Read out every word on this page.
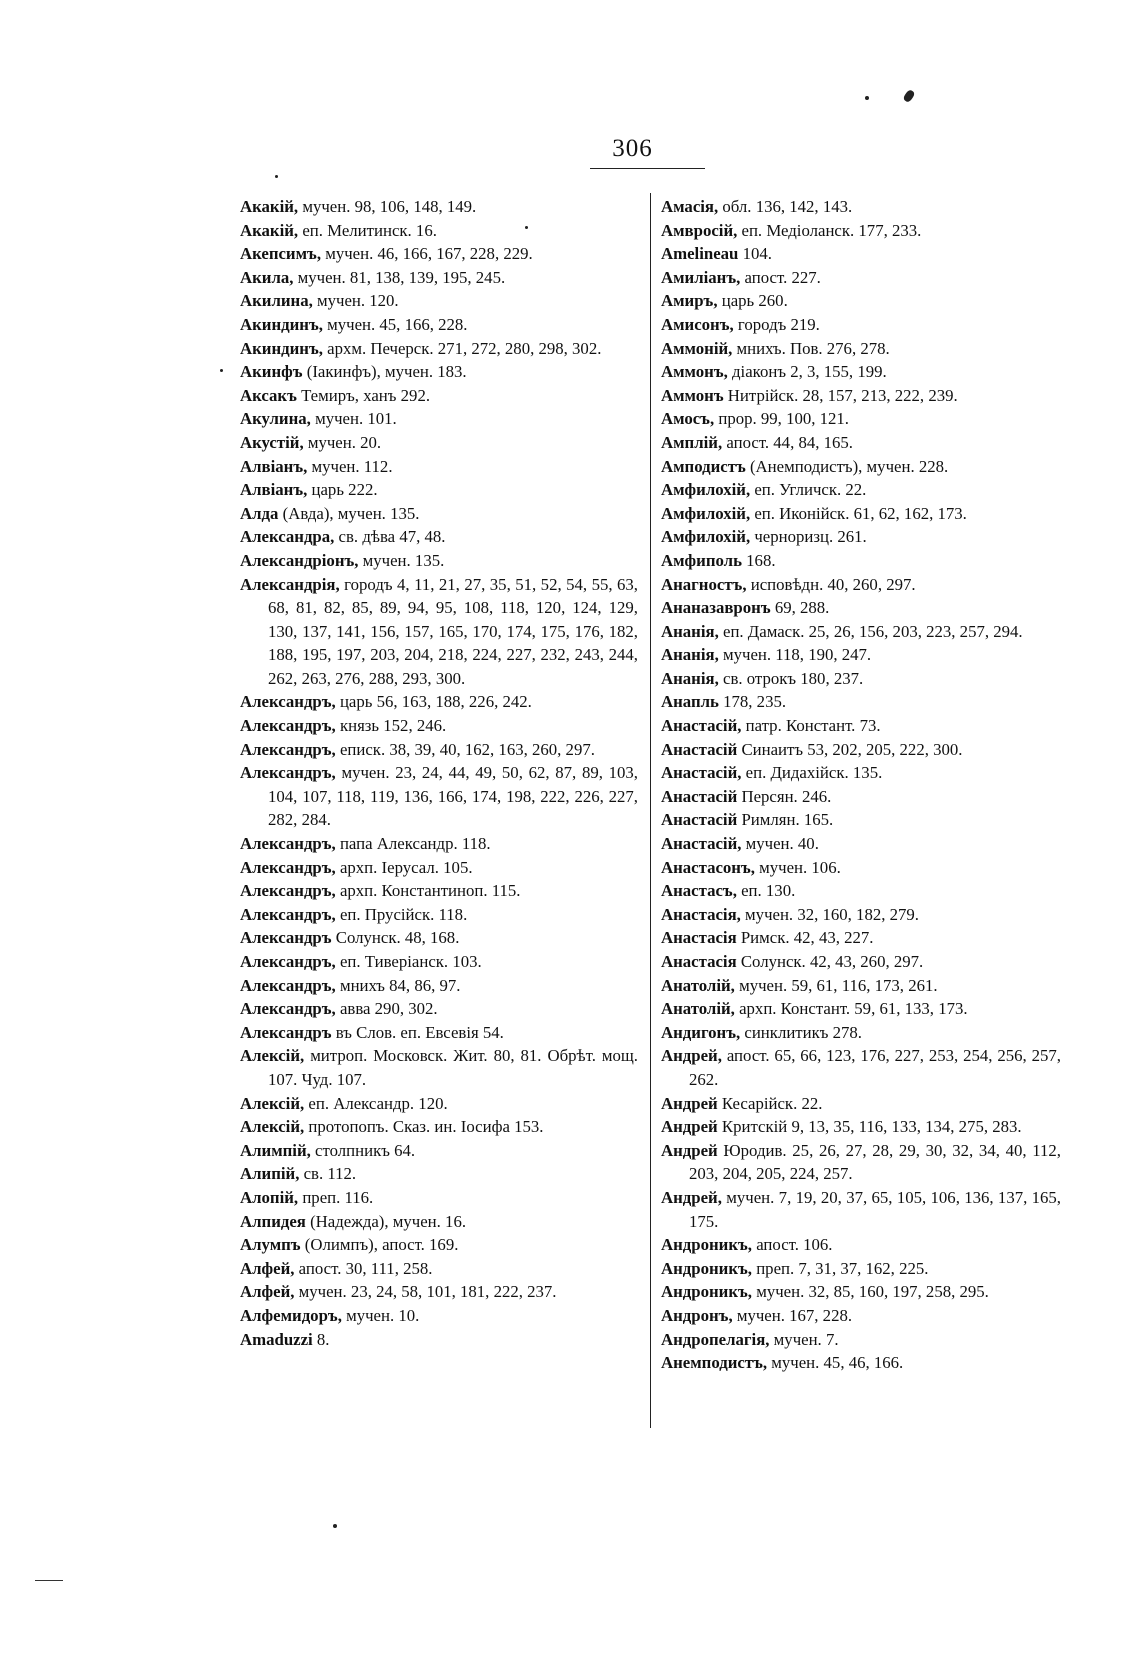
306

Акакій, мучен. 98, 106, 148, 149.

Акакій, еп. Мелитинск. 16.

Акепсимъ, мучен. 46, 166, 167, 228, 229.

Акила, мучен. 81, 138, 139, 195, 245.

Акилина, мучен. 120.

Акиндинъ, мучен. 45, 166, 228.

Акиндинъ, архм. Печерск. 271, 272, 280, 298, 302.

Акинфъ (Іакинфъ), мучен. 183.

Аксакъ Темиръ, ханъ 292.

Акулина, мучен. 101.

Акустій, мучен. 20.

Алвіанъ, мучен. 112.

Алвіанъ, царь 222.

Алда (Авда), мучен. 135.

Александра, св. дѣва 47, 48.

Александріонъ, мучен. 135.

Александрія, городъ 4, 11, 21, 27, 35, 51, 52, 54, 55, 63, 68, 81, 82, 85, 89, 94, 95, 108, 118, 120, 124, 129, 130, 137, 141, 156, 157, 165, 170, 174, 175, 176, 182, 188, 195, 197, 203, 204, 218, 224, 227, 232, 243, 244, 262, 263, 276, 288, 293, 300.

Александръ, царь 56, 163, 188, 226, 242.

Александръ, князь 152, 246.

Александръ, еписк. 38, 39, 40, 162, 163, 260, 297.

Александръ, мучен. 23, 24, 44, 49, 50, 62, 87, 89, 103, 104, 107, 118, 119, 136, 166, 174, 198, 222, 226, 227, 282, 284.

Александръ, папа Александр. 118.

Александръ, архп. Іерусал. 105.

Александръ, архп. Константиноп. 115.

Александръ, еп. Прусійск. 118.

Александръ Солунск. 48, 168.

Александръ, еп. Тиверіанск. 103.

Александръ, мнихъ 84, 86, 97.

Александръ, авва 290, 302.

Александръ въ Слов. еп. Евсевія 54.

Алексій, митроп. Московск. Жит. 80, 81. Обрѣт. мощ. 107. Чуд. 107.

Алексій, еп. Александр. 120.

Алексій, протопопъ. Сказ. ин. Іосифа 153.

Алимпій, столпникъ 64.

Алипій, св. 112.

Алопій, преп. 116.

Алпидея (Надежда), мучен. 16.

Алумпъ (Олимпъ), апост. 169.

Алфей, апост. 30, 111, 258.

Алфей, мучен. 23, 24, 58, 101, 181, 222, 237.

Алфемидоръ, мучен. 10.

Amaduzzi 8.

Амасія, обл. 136, 142, 143.

Амвросій, еп. Медіоланск. 177, 233.

Amelineau 104.

Амиліанъ, апост. 227.

Амиръ, царь 260.

Амисонъ, городъ 219.

Аммоній, мнихъ. Пов. 276, 278.

Аммонъ, діаконъ 2, 3, 155, 199.

Аммонъ Нитрійск. 28, 157, 213, 222, 239.

Амосъ, прор. 99, 100, 121.

Амплій, апост. 44, 84, 165.

Амподистъ (Анемподистъ), мучен. 228.

Амфилохій, еп. Угличск. 22.

Амфилохій, еп. Иконійск. 61, 62, 162, 173.

Амфилохій, черноризц. 261.

Амфиполь 168.

Анагностъ, исповѣдн. 40, 260, 297.

Ананазавронъ 69, 288.

Ананія, еп. Дамаск. 25, 26, 156, 203, 223, 257, 294.

Ананія, мучен. 118, 190, 247.

Ананія, св. отрокъ 180, 237.

Анапль 178, 235.

Анастасій, патр. Констант. 73.

Анастасій Синаитъ 53, 202, 205, 222, 300.

Анастасій, еп. Дидахійск. 135.

Анастасій Персян. 246.

Анастасій Римлян. 165.

Анастасій, мучен. 40.

Анастасонъ, мучен. 106.

Анастасъ, еп. 130.

Анастасія, мучен. 32, 160, 182, 279.

Анастасія Римск. 42, 43, 227.

Анастасія Солунск. 42, 43, 260, 297.

Анатолій, мучен. 59, 61, 116, 173, 261.

Анатолій, архп. Констант. 59, 61, 133, 173.

Андигонъ, синклитикъ 278.

Андрей, апост. 65, 66, 123, 176, 227, 253, 254, 256, 257, 262.

Андрей Кесарійск. 22.

Андрей Критскій 9, 13, 35, 116, 133, 134, 275, 283.

Андрей Юродив. 25, 26, 27, 28, 29, 30, 32, 34, 40, 112, 203, 204, 205, 224, 257.

Андрей, мучен. 7, 19, 20, 37, 65, 105, 106, 136, 137, 165, 175.

Андроникъ, апост. 106.

Андроникъ, преп. 7, 31, 37, 162, 225.

Андроникъ, мучен. 32, 85, 160, 197, 258, 295.

Андронъ, мучен. 167, 228.

Андропелагія, мучен. 7.

Анемподистъ, мучен. 45, 46, 166.
